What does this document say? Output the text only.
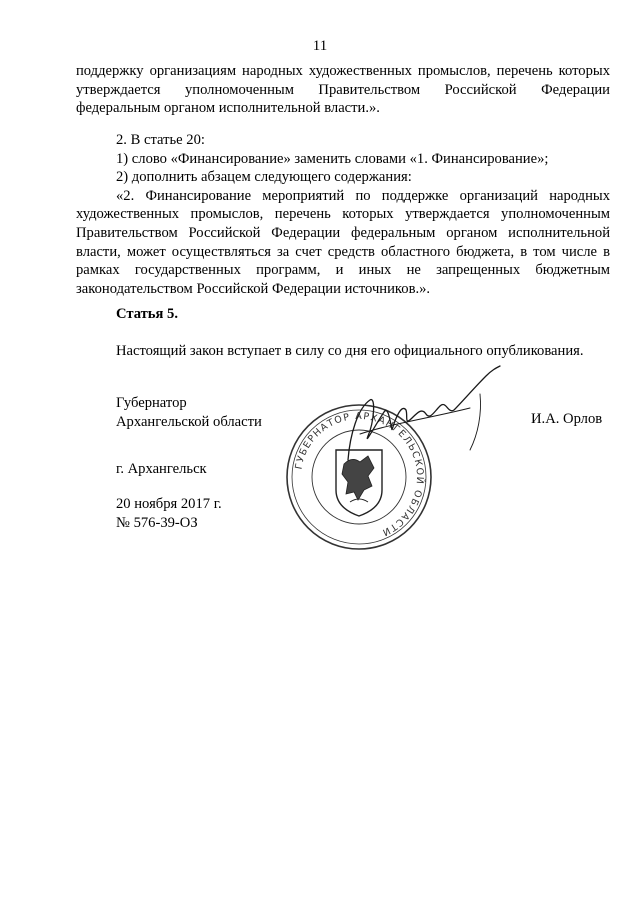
11

поддержку организациям народных художественных промыслов, перечень которых утверждается уполномоченным Правительством Российской Федерации федеральным органом исполнительной власти.».

2. В статье 20:

1) слово «Финансирование» заменить словами «1. Финансирование»;

2) дополнить абзацем следующего содержания:

«2. Финансирование мероприятий по поддержке организаций народных художественных промыслов, перечень которых утверждается уполномоченным Правительством Российской Федерации федеральным органом исполнительной власти, может осуществляться за счет средств областного бюджета, в том числе в рамках государственных программ, и иных не запрещенных бюджетным законодательством Российской Федерации источников.».

Статья 5.

Настоящий закон вступает в силу со дня его официального опубликования.

Губернатор
Архангельской области	И.А. Орлов
ГУБЕРНАТОР АРХАНГЕЛЬСКОЙ ОБЛАСТИ
г. Архангельск
20 ноября 2017 г.
№ 576-39-ОЗ
